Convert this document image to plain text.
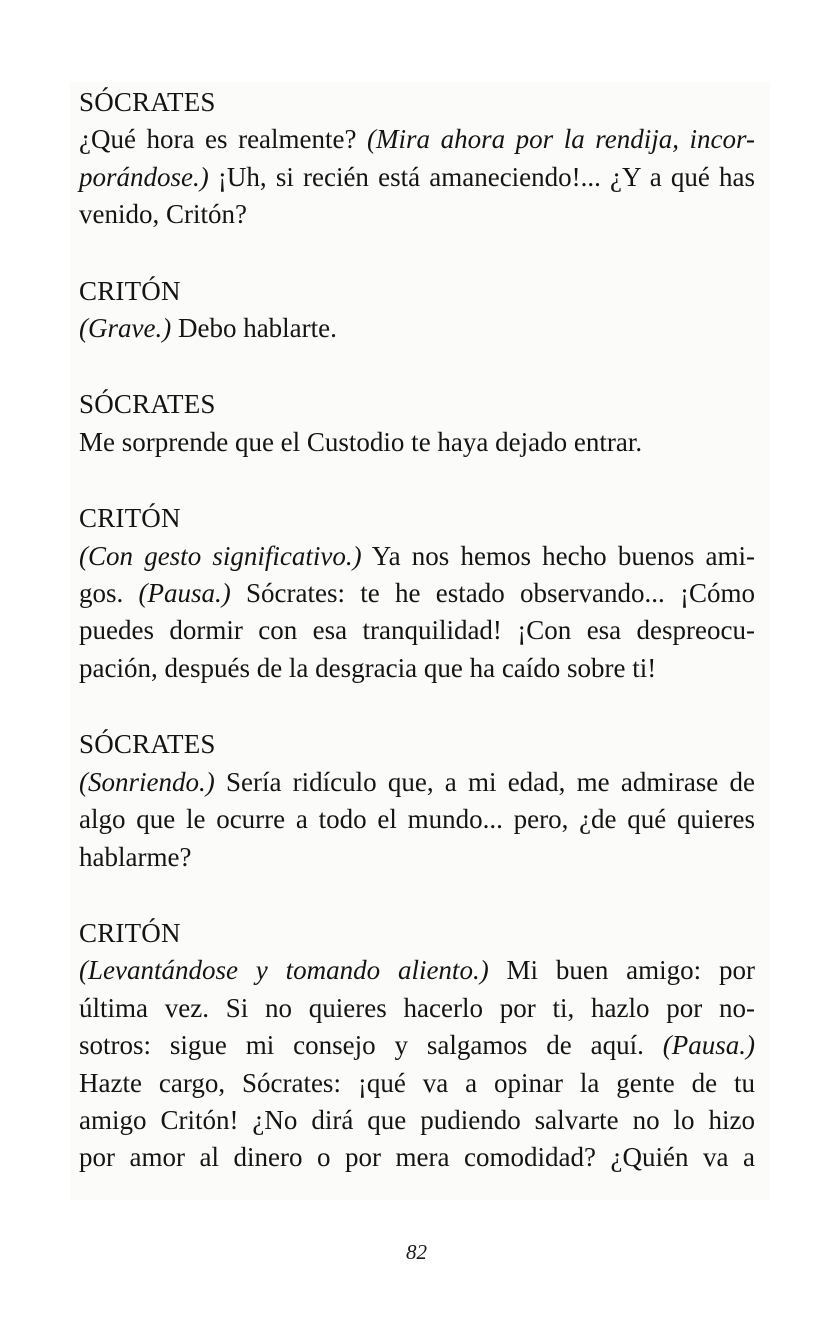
SÓCRATES
¿Qué hora es realmente? (Mira ahora por la rendija, incor-
porándose.) ¡Uh, si recién está amaneciendo!... ¿Y a qué has
venido, Critón?
CRITÓN
(Grave.) Debo hablarte.
SÓCRATES
Me sorprende que el Custodio te haya dejado entrar.
CRITÓN
(Con gesto significativo.) Ya nos hemos hecho buenos ami-
gos. (Pausa.) Sócrates: te he estado observando... ¡Cómo
puedes dormir con esa tranquilidad! ¡Con esa despreocu-
pación, después de la desgracia que ha caído sobre ti!
SÓCRATES
(Sonriendo.) Sería ridículo que, a mi edad, me admirase de
algo que le ocurre a todo el mundo... pero, ¿de qué quieres
hablarme?
CRITÓN
(Levantándose y tomando aliento.) Mi buen amigo: por
última vez. Si no quieres hacerlo por ti, hazlo por no-
sotros: sigue mi consejo y salgamos de aquí. (Pausa.)
Hazte cargo, Sócrates: ¡qué va a opinar la gente de tu
amigo Critón! ¿No dirá que pudiendo salvarte no lo hizo
por amor al dinero o por mera comodidad? ¿Quién va a
82
